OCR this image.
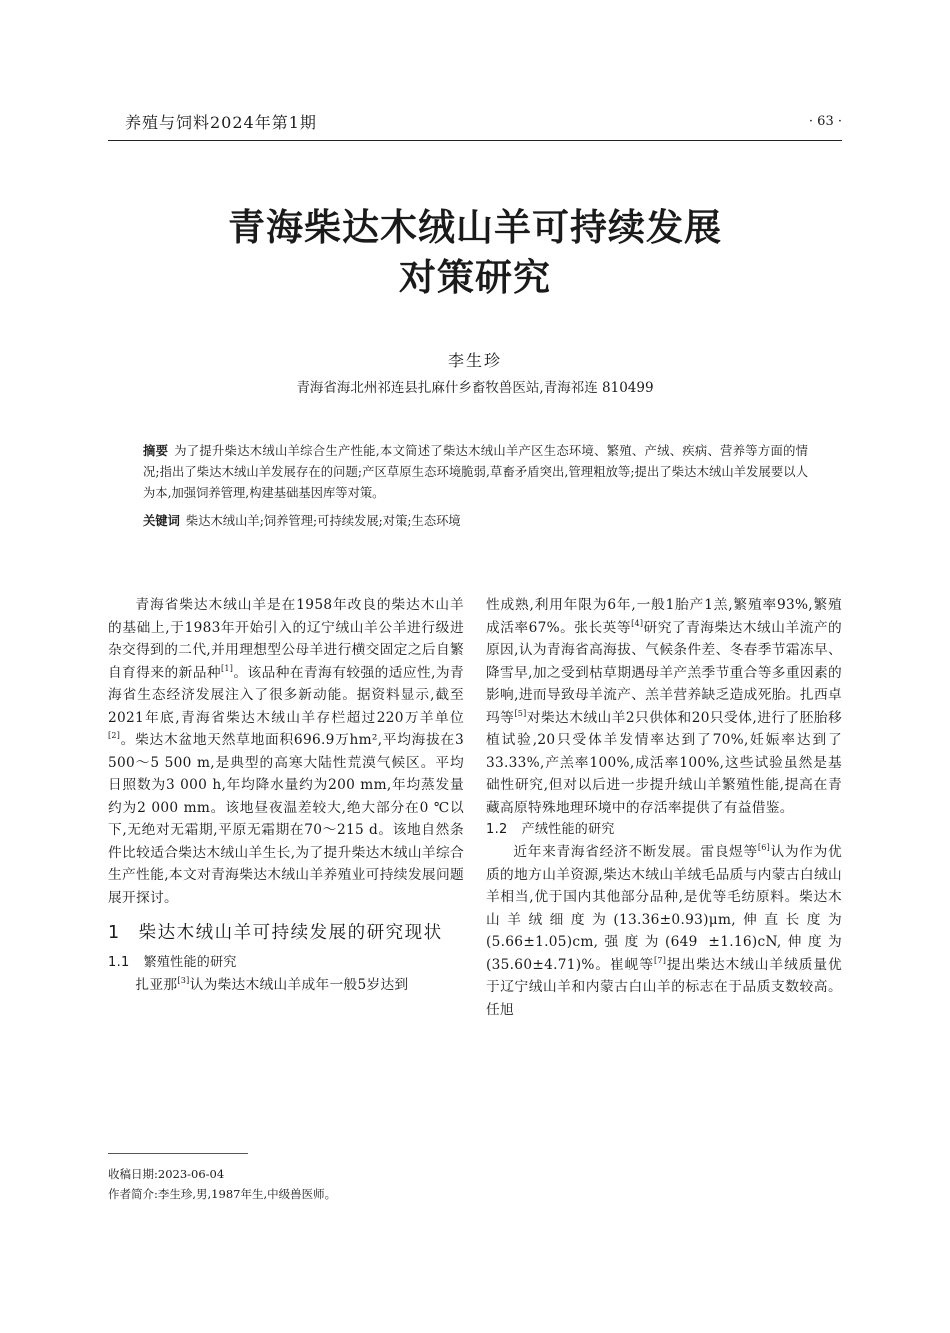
养殖与饲料2024年第1期	· 63 ·
青海柴达木绒山羊可持续发展
对策研究
李生珍
青海省海北州祁连县扎麻什乡畜牧兽医站,青海祁连 810499
摘要 为了提升柴达木绒山羊综合生产性能,本文简述了柴达木绒山羊产区生态环境、繁殖、产绒、疾病、营养等方面的情况;指出了柴达木绒山羊发展存在的问题;产区草原生态环境脆弱,草畜矛盾突出,管理粗放等;提出了柴达木绒山羊发展要以人为本,加强饲养管理,构建基础基因库等对策。
关键词 柴达木绒山羊;饲养管理;可持续发展;对策;生态环境

青海省柴达木绒山羊是在1958年改良的柴达木山羊的基础上,于1983年开始引入的辽宁绒山羊公羊进行级进杂交得到的二代,并用理想型公母羊进行横交固定之后自繁自育得来的新品种[1]。该品种在青海有较强的适应性,为青海省生态经济发展注入了很多新动能。据资料显示,截至2021年底,青海省柴达木绒山羊存栏超过220万羊单位[2]。柴达木盆地天然草地面积696.9万hm²,平均海拔在3 500～5 500 m,是典型的高寒大陆性荒漠气候区。平均日照数为3 000 h,年均降水量约为200 mm,年均蒸发量约为2 000 mm。该地昼夜温差较大,绝大部分在0 ℃以下,无绝对无霜期,平原无霜期在70～215 d。该地自然条件比较适合柴达木绒山羊生长,为了提升柴达木绒山羊综合生产性能,本文对青海柴达木绒山羊养殖业可持续发展问题展开探讨。

1 柴达木绒山羊可持续发展的研究现状
1.1 繁殖性能的研究

扎亚那[3]认为柴达木绒山羊成年一般5岁达到

性成熟,利用年限为6年,一般1胎产1羔,繁殖率93%,繁殖成活率67%。张长英等[4]研究了青海柴达木绒山羊流产的原因,认为青海省高海拔、气候条件差、冬春季节霜冻早、降雪早,加之受到枯草期遇母羊产羔季节重合等多重因素的影响,进而导致母羊流产、羔羊营养缺乏造成死胎。扎西卓玛等[5]对柴达木绒山羊2只供体和20只受体,进行了胚胎移植试验,20只受体羊发情率达到了70%,妊娠率达到了33.33%,产羔率100%,成活率100%,这些试验虽然是基础性研究,但对以后进一步提升绒山羊繁殖性能,提高在青藏高原特殊地理环境中的存活率提供了有益借鉴。

1.2 产绒性能的研究

近年来青海省经济不断发展。雷良煜等[6]认为作为优质的地方山羊资源,柴达木绒山羊绒毛品质与内蒙古白绒山羊相当,优于国内其他部分品种,是优等毛纺原料。柴达木山羊绒细度为(13.36±0.93)μm,伸直长度为(5.66±1.05)cm,强度为(649 ±1.16)cN,伸度为(35.60±4.71)%。崔岘等[7]提出柴达木绒山羊绒质量优于辽宁绒山羊和内蒙古白山羊的标志在于品质支数较高。任旭

收稿日期:2023-06-04
作者简介:李生珍,男,1987年生,中级兽医师。
